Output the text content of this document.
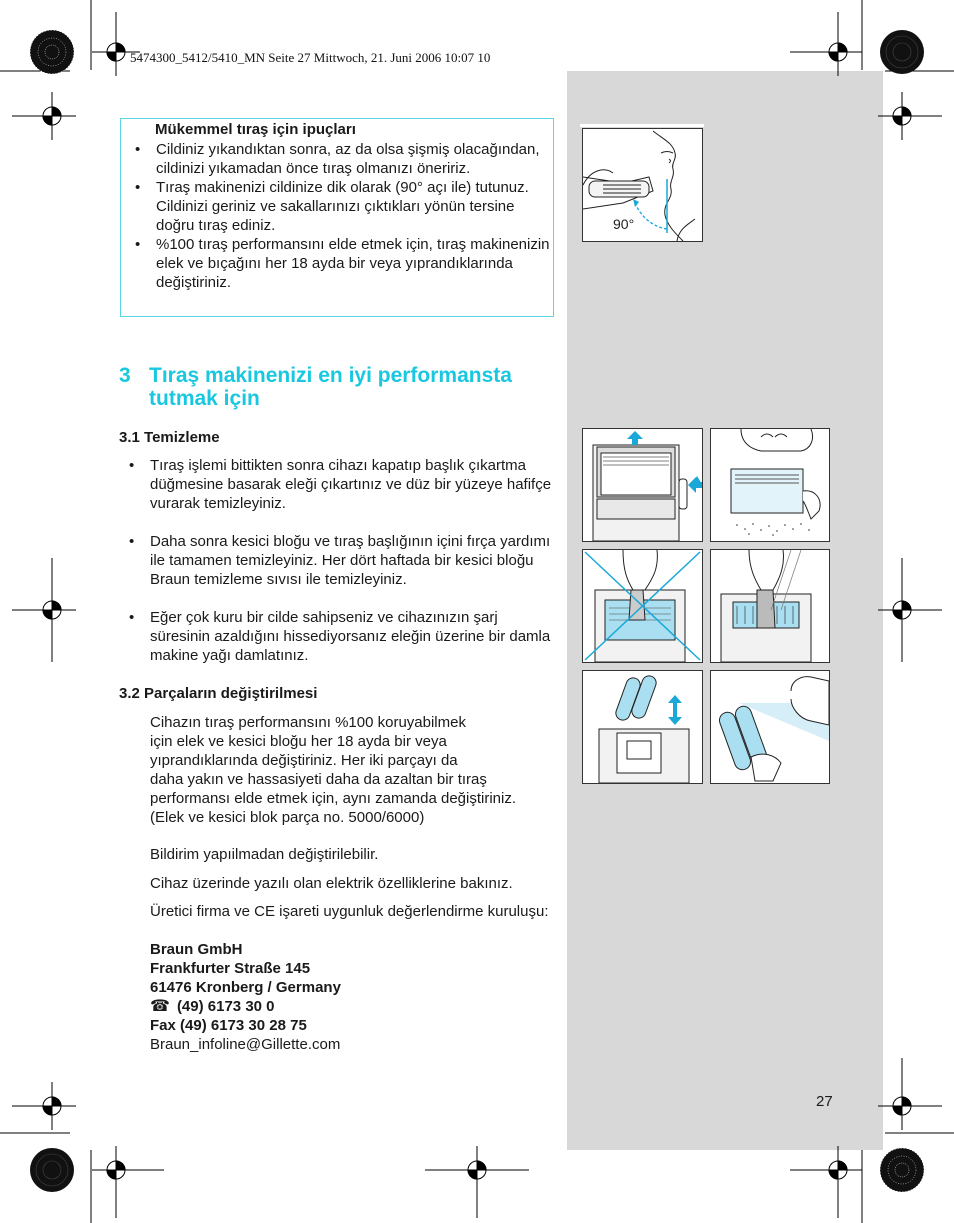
5474300_5412/5410_MN Seite 27 Mittwoch, 21. Juni 2006 10:07 10
Mükemmel tıraş için ipuçları
•	Cildiniz yıkandıktan sonra, az da olsa şişmiş olacağından, cildinizi yıkamadan önce tıraş olmanızı öneririz.
•	Tıraş makinenizi cildinize dik olarak (90° açı ile) tutunuz. Cildinizi geriniz ve sakallarınızı çıktıkları yönün tersine doğru tıraş ediniz.
•	%100 tıraş performansını elde etmek için, tıraş makinenizin elek ve bıçağını her 18 ayda bir veya yıprandıklarında değiştiriniz.
3 Tıraş makinenizi en iyi performansta tutmak için
3.1 Temizleme
•	Tıraş işlemi bittikten sonra cihazı kapatıp başlık çıkartma düğmesine basarak eleği çıkartınız ve düz bir yüzeye hafifçe vurarak temizleyiniz.
•	Daha sonra kesici bloğu ve tıraş başlığının içini fırça yardımı ile tamamen temizleyiniz. Her dört haftada bir kesici bloğu Braun temizleme sıvısı ile temizleyiniz.
•	Eğer çok kuru bir cilde sahipseniz ve cihazınızın şarj süresinin azaldığını hissediyorsanız eleğin üzerine bir damla makine yağı damlatınız.
3.2 Parçaların değiştirilmesi
Cihazın tıraş performansını %100 koruyabilmek
için elek ve kesici bloğu her 18 ayda bir veya
yıprandıklarında değiştiriniz. Her iki parçayı da
daha yakın ve hassasiyeti daha da azaltan bir tıraş
performansı elde etmek için, aynı zamanda değiştiriniz.
(Elek ve kesici blok parça no. 5000/6000)
Bildirim yapıilmadan değiştirilebilir.
Cihaz üzerinde yazılı olan elektrik özelliklerine bakınız.
Üretici firma ve CE işareti uygunluk değerlendirme kuruluşu:
Braun GmbH
Frankfurter Straße 145
61476 Kronberg / Germany
☎ (49) 6173 30 0
Fax (49) 6173 30 28 75
Braun_infoline@Gillette.com
27
90°
